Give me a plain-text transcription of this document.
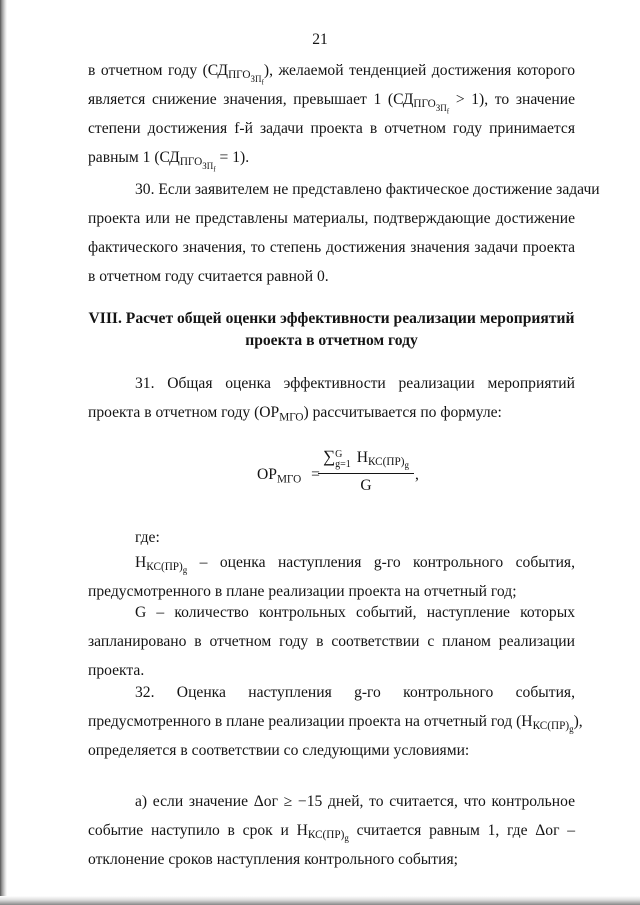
21
в отчетном году $(СД_{ПГО_{ЗП_f}})$, желаемой тенденцией достижения которого
является снижение значения, превышает 1 $(СД_{ПГО_{ЗП_f}} > 1)$, то значение
степени достижения f-й задачи проекта в отчетном году принимается
равным 1 $(СД_{ПГО_{ЗП_f}} = 1)$.
30. Если заявителем не представлено фактическое достижение задачи
проекта или не представлены материалы, подтверждающие достижение
фактического значения, то степень достижения значения задачи проекта
в отчетном году считается равной 0.
VIII. Расчет общей оценки эффективности реализации мероприятий
проекта в отчетном году
31. Общая оценка эффективности реализации мероприятий
проекта в отчетном году $(ОР_{МГО})$ рассчитывается по формуле:
$ОР_{МГО}$ =
∑ G
g=1 $Н_{КС(ПР)_g}$
G
,
где:
$Н_{КС(ПР)_g}$ – оценка наступления g-го контрольного события,
предусмотренного в плане реализации проекта на отчетный год;
G – количество контрольных событий, наступление которых
запланировано в отчетном году в соответствии с планом реализации
проекта.
32. Оценка наступления g-го контрольного события,
предусмотренного в плане реализации проекта на отчетный год $(Н_{КС(ПР)_g})$,
определяется в соответствии со следующими условиями:
а) если значение Δог ≥ −15 дней, то считается, что контрольное
событие наступило в срок и $Н_{КС(ПР)_g}$ считается равным 1, где Δог –
отклонение сроков наступления контрольного события;
